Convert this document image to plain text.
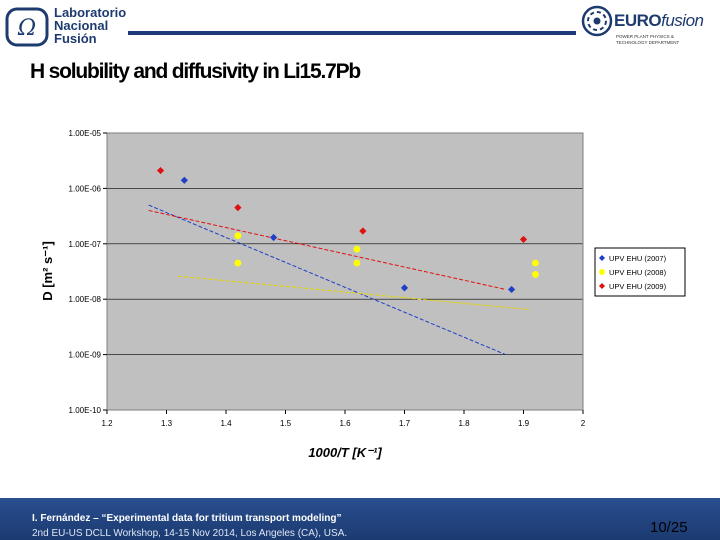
Ω
Laboratorio
Nacional
Fusión
EUROfusion
POWER PLANT PHYSICS &
TECHNOLOGY DEPARTMENT
H solubility and diffusivity in Li15.7Pb
1.00E-05
1.00E-06
1.00E-07
1.00E-08
1.00E-09
1.00E-10
1.2	1.3	1.4	1.5	1.6	1.7	1.8	1.9	2
D [m² s⁻¹]
1000/T [K⁻¹]
UPV EHU (2007)
UPV EHU (2008)
UPV EHU (2009)
I. Fernández – “Experimental data for tritium transport modeling”
2nd EU-US DCLL Workshop, 14-15 Nov 2014, Los Angeles (CA), USA.	10/25
